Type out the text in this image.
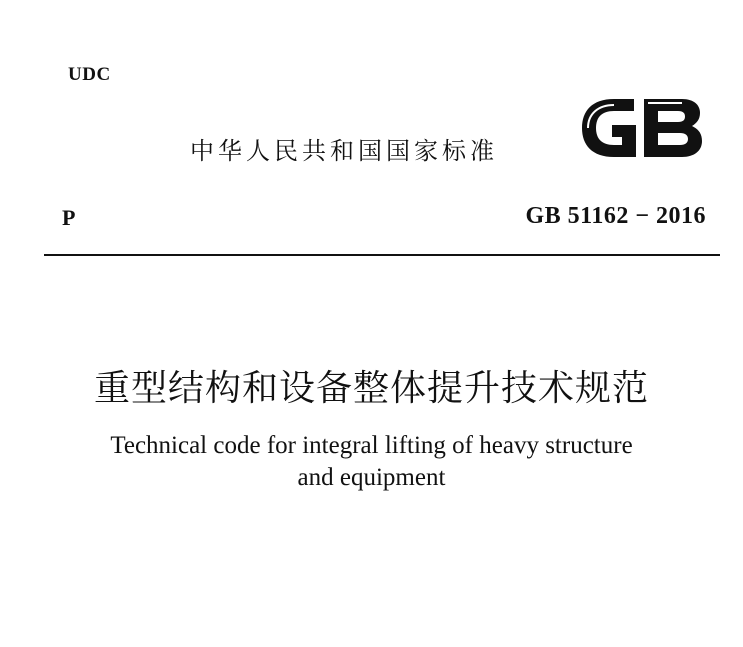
UDC
中华人民共和国国家标准
P	GB 51162 − 2016
重型结构和设备整体提升技术规范
Technical code for integral lifting of heavy structure
and equipment
